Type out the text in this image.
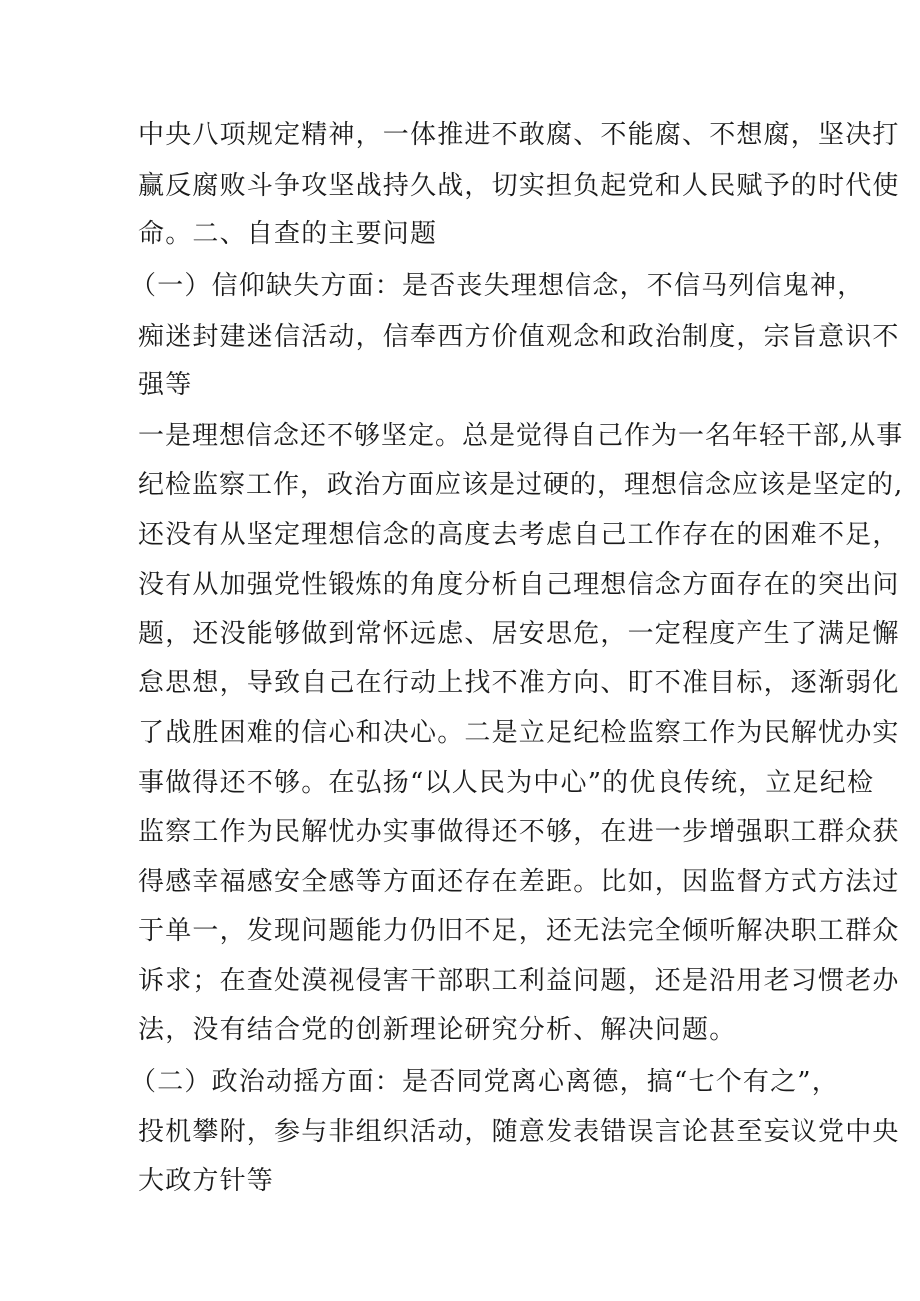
中央八项规定精神，一体推进不敢腐、不能腐、不想腐，坚决打
赢反腐败斗争攻坚战持久战，切实担负起党和人民赋予的时代使
命。二、自查的主要问题
（一）信仰缺失方面：是否丧失理想信念，不信马列信鬼神，
痴迷封建迷信活动，信奉西方价值观念和政治制度，宗旨意识不
强等
一是理想信念还不够坚定。总是觉得自己作为一名年轻干部,从事
纪检监察工作，政治方面应该是过硬的，理想信念应该是坚定的,
还没有从坚定理想信念的高度去考虑自己工作存在的困难不足，
没有从加强党性锻炼的角度分析自己理想信念方面存在的突出问
题，还没能够做到常怀远虑、居安思危，一定程度产生了满足懈
怠思想，导致自己在行动上找不准方向、盯不准目标，逐渐弱化
了战胜困难的信心和决心。二是立足纪检监察工作为民解忧办实
事做得还不够。在弘扬“以人民为中心”的优良传统，立足纪检
监察工作为民解忧办实事做得还不够，在进一步增强职工群众获
得感幸福感安全感等方面还存在差距。比如，因监督方式方法过
于单一，发现问题能力仍旧不足，还无法完全倾听解决职工群众
诉求；在查处漠视侵害干部职工利益问题，还是沿用老习惯老办
法，没有结合党的创新理论研究分析、解决问题。
（二）政治动摇方面：是否同党离心离德，搞“七个有之”，
投机攀附，参与非组织活动，随意发表错误言论甚至妄议党中央
大政方针等
